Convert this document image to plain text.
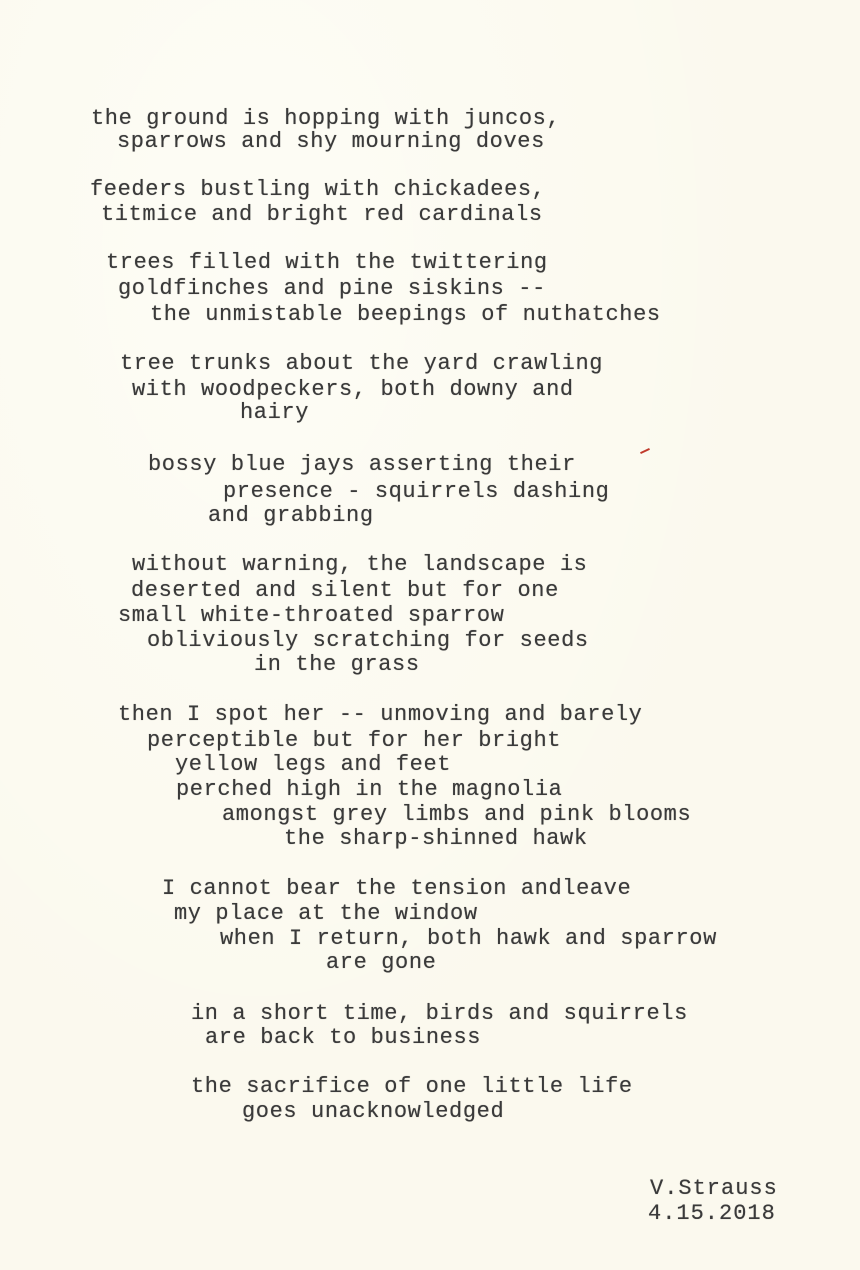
the ground is hopping with juncos,
sparrows and shy mourning doves
feeders bustling with chickadees,
titmice and bright red cardinals
trees filled with the twittering
goldfinches and pine siskins --
the unmistable beepings of nuthatches
tree trunks about the yard crawling
with woodpeckers, both downy and
hairy
bossy blue jays asserting their
presence - squirrels dashing
and grabbing
without warning, the landscape is
deserted and silent but for one
small white-throated sparrow
obliviously scratching for seeds
in the grass
then I spot her -- unmoving and barely
perceptible but for her bright
yellow legs and feet
perched high in the magnolia
amongst grey limbs and pink blooms
the sharp-shinned hawk
I cannot bear the tension andleave
my place at the window
when I return, both hawk and sparrow
are gone
in a short time, birds and squirrels
are back to business
the sacrifice of one little life
goes unacknowledged
V.Strauss
4.15.2018
